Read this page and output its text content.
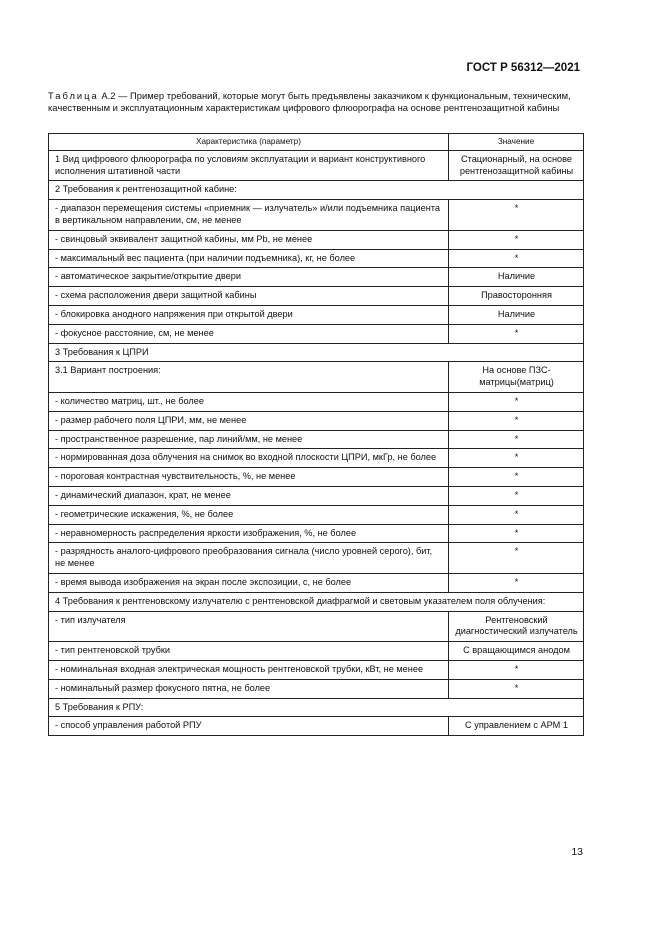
ГОСТ Р 56312—2021
Таблица А.2 — Пример требований, которые могут быть предъявлены заказчиком к функциональным, техническим, качественным и эксплуатационным характеристикам цифрового флюорографа на основе рентгенозащитной кабины
Характеристика (параметр)	Значение
1 Вид цифрового флюорографа по условиям эксплуатации и вариант конструктивного исполнения штативной части	Стационарный, на основе рентгенозащитной кабины
2 Требования к рентгенозащитной кабине:	
- диапазон перемещения системы «приемник — излучатель» и/или подъемника пациента в вертикальном направлении, см, не менее	*
- свинцовый эквивалент защитной кабины, мм Pb, не менее	*
- максимальный вес пациента (при наличии подъемника), кг, не более	*
- автоматическое закрытие/открытие двери	Наличие
- схема расположения двери защитной кабины	Правосторонняя
- блокировка анодного напряжения при открытой двери	Наличие
- фокусное расстояние, см, не менее	*
3 Требования к ЦПРИ	
3.1 Вариант построения:	На основе ПЗС-матрицы(матриц)
- количество матриц, шт., не более	*
- размер рабочего поля ЦПРИ, мм, не менее	*
- пространственное разрешение, пар линий/мм, не менее	*
- нормированная доза облучения на снимок во входной плоскости ЦПРИ, мкГр, не более	*
- пороговая контрастная чувствительность, %, не менее	*
- динамический диапазон, крат, не менее	*
- геометрические искажения, %, не более	*
- неравномерность распределения яркости изображения, %, не более	*
- разрядность аналого-цифрового преобразования сигнала (число уровней серого), бит, не менее	*
- время вывода изображения на экран после экспозиции, с, не более	*
4 Требования к рентгеновскому излучателю с рентгеновской диафрагмой и световым указателем поля облучения:	
- тип излучателя	Рентгеновский диагностический излучатель
- тип рентгеновской трубки	С вращающимся анодом
- номинальная входная электрическая мощность рентгеновской трубки, кВт, не менее	*
- номинальный размер фокусного пятна, не более	*
5 Требования к РПУ:	
- способ управления работой РПУ	С управлением с АРМ 1
13
